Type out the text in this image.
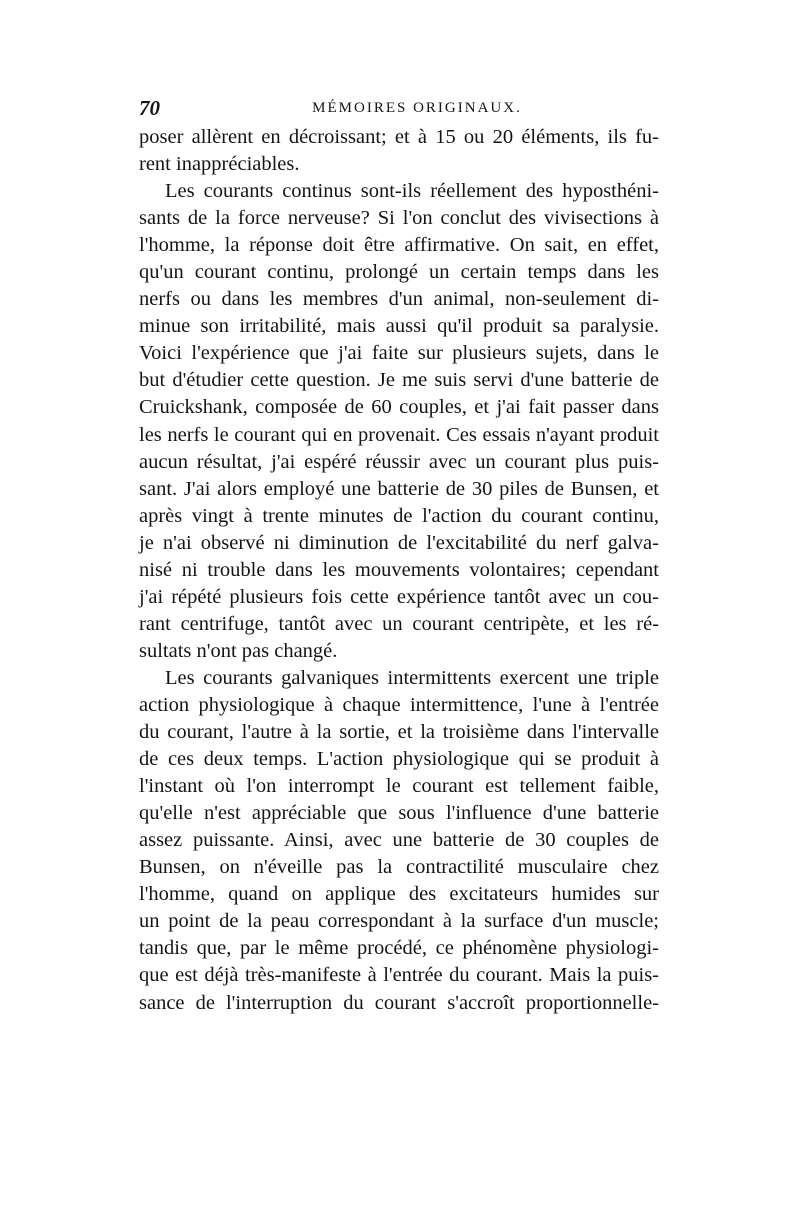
70	MÉMOIRES ORIGINAUX.
poser allèrent en décroissant; et à 15 ou 20 éléments, ils fu-
rent inappréciables.
Les courants continus sont-ils réellement des hyposthéni-
sants de la force nerveuse? Si l'on conclut des vivisections à
l'homme, la réponse doit être affirmative. On sait, en effet,
qu'un courant continu, prolongé un certain temps dans les
nerfs ou dans les membres d'un animal, non-seulement di-
minue son irritabilité, mais aussi qu'il produit sa paralysie.
Voici l'expérience que j'ai faite sur plusieurs sujets, dans le
but d'étudier cette question. Je me suis servi d'une batterie de
Cruickshank, composée de 60 couples, et j'ai fait passer dans
les nerfs le courant qui en provenait. Ces essais n'ayant produit
aucun résultat, j'ai espéré réussir avec un courant plus puis-
sant. J'ai alors employé une batterie de 30 piles de Bunsen, et
après vingt à trente minutes de l'action du courant continu,
je n'ai observé ni diminution de l'excitabilité du nerf galva-
nisé ni trouble dans les mouvements volontaires; cependant
j'ai répété plusieurs fois cette expérience tantôt avec un cou-
rant centrifuge, tantôt avec un courant centripète, et les ré-
sultats n'ont pas changé.
Les courants galvaniques intermittents exercent une triple
action physiologique à chaque intermittence, l'une à l'entrée
du courant, l'autre à la sortie, et la troisième dans l'intervalle
de ces deux temps. L'action physiologique qui se produit à
l'instant où l'on interrompt le courant est tellement faible,
qu'elle n'est appréciable que sous l'influence d'une batterie
assez puissante. Ainsi, avec une batterie de 30 couples de
Bunsen, on n'éveille pas la contractilité musculaire chez
l'homme, quand on applique des excitateurs humides sur
un point de la peau correspondant à la surface d'un muscle;
tandis que, par le même procédé, ce phénomène physiologi-
que est déjà très-manifeste à l'entrée du courant. Mais la puis-
sance de l'interruption du courant s'accroît proportionnelle-
